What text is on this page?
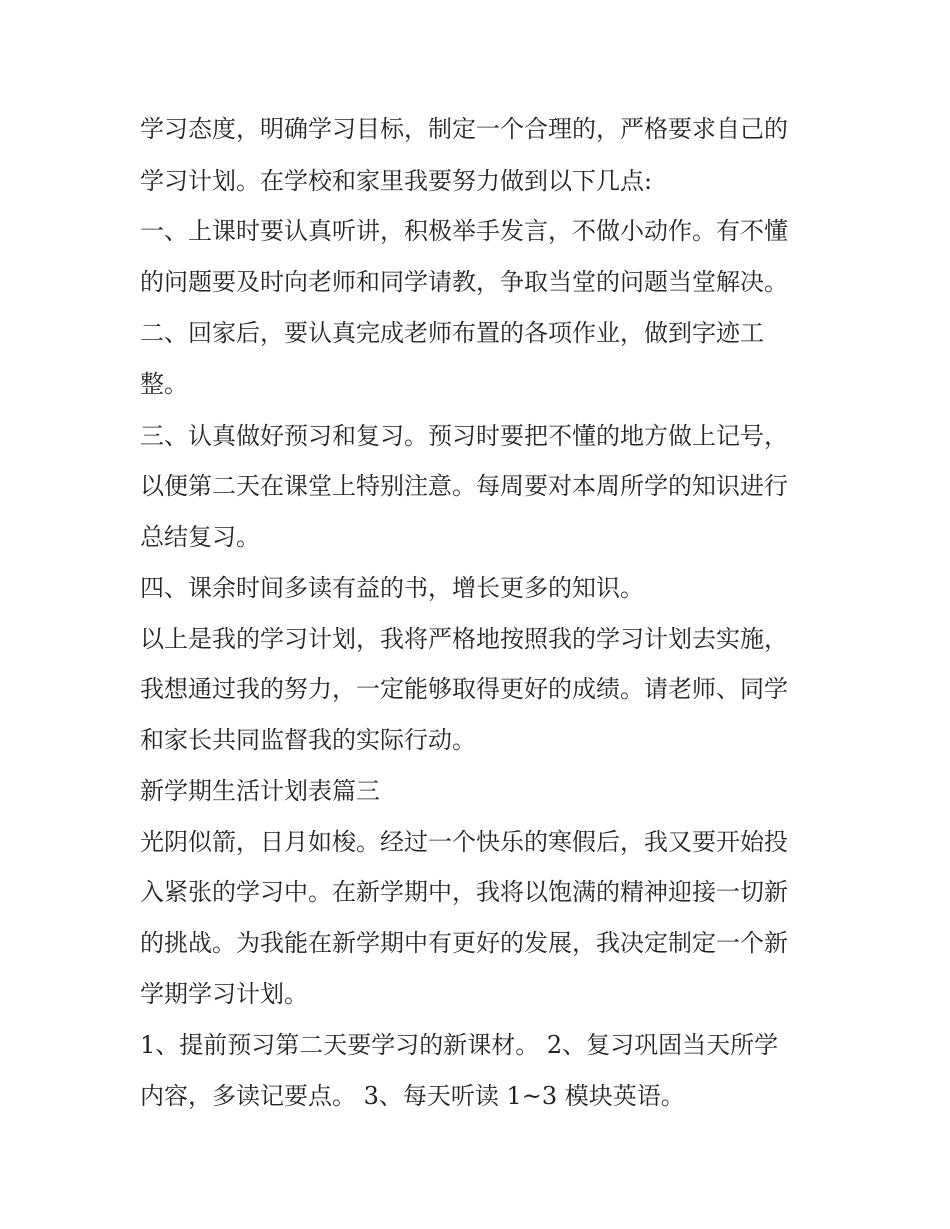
学习态度，明确学习目标，制定一个合理的，严格要求自己的
学习计划。在学校和家里我要努力做到以下几点:
一、上课时要认真听讲，积极举手发言，不做小动作。有不懂
的问题要及时向老师和同学请教，争取当堂的问题当堂解决。
二、回家后，要认真完成老师布置的各项作业，做到字迹工
整。
三、认真做好预习和复习。预习时要把不懂的地方做上记号，
以便第二天在课堂上特别注意。每周要对本周所学的知识进行
总结复习。
四、课余时间多读有益的书，增长更多的知识。
以上是我的学习计划，我将严格地按照我的学习计划去实施，
我想通过我的努力，一定能够取得更好的成绩。请老师、同学
和家长共同监督我的实际行动。
新学期生活计划表篇三
光阴似箭，日月如梭。经过一个快乐的寒假后，我又要开始投
入紧张的学习中。在新学期中，我将以饱满的精神迎接一切新
的挑战。为我能在新学期中有更好的发展，我决定制定一个新
学期学习计划。
1、提前预习第二天要学习的新课材。 2、复习巩固当天所学
内容，多读记要点。 3、每天听读 1~3 模块英语。
